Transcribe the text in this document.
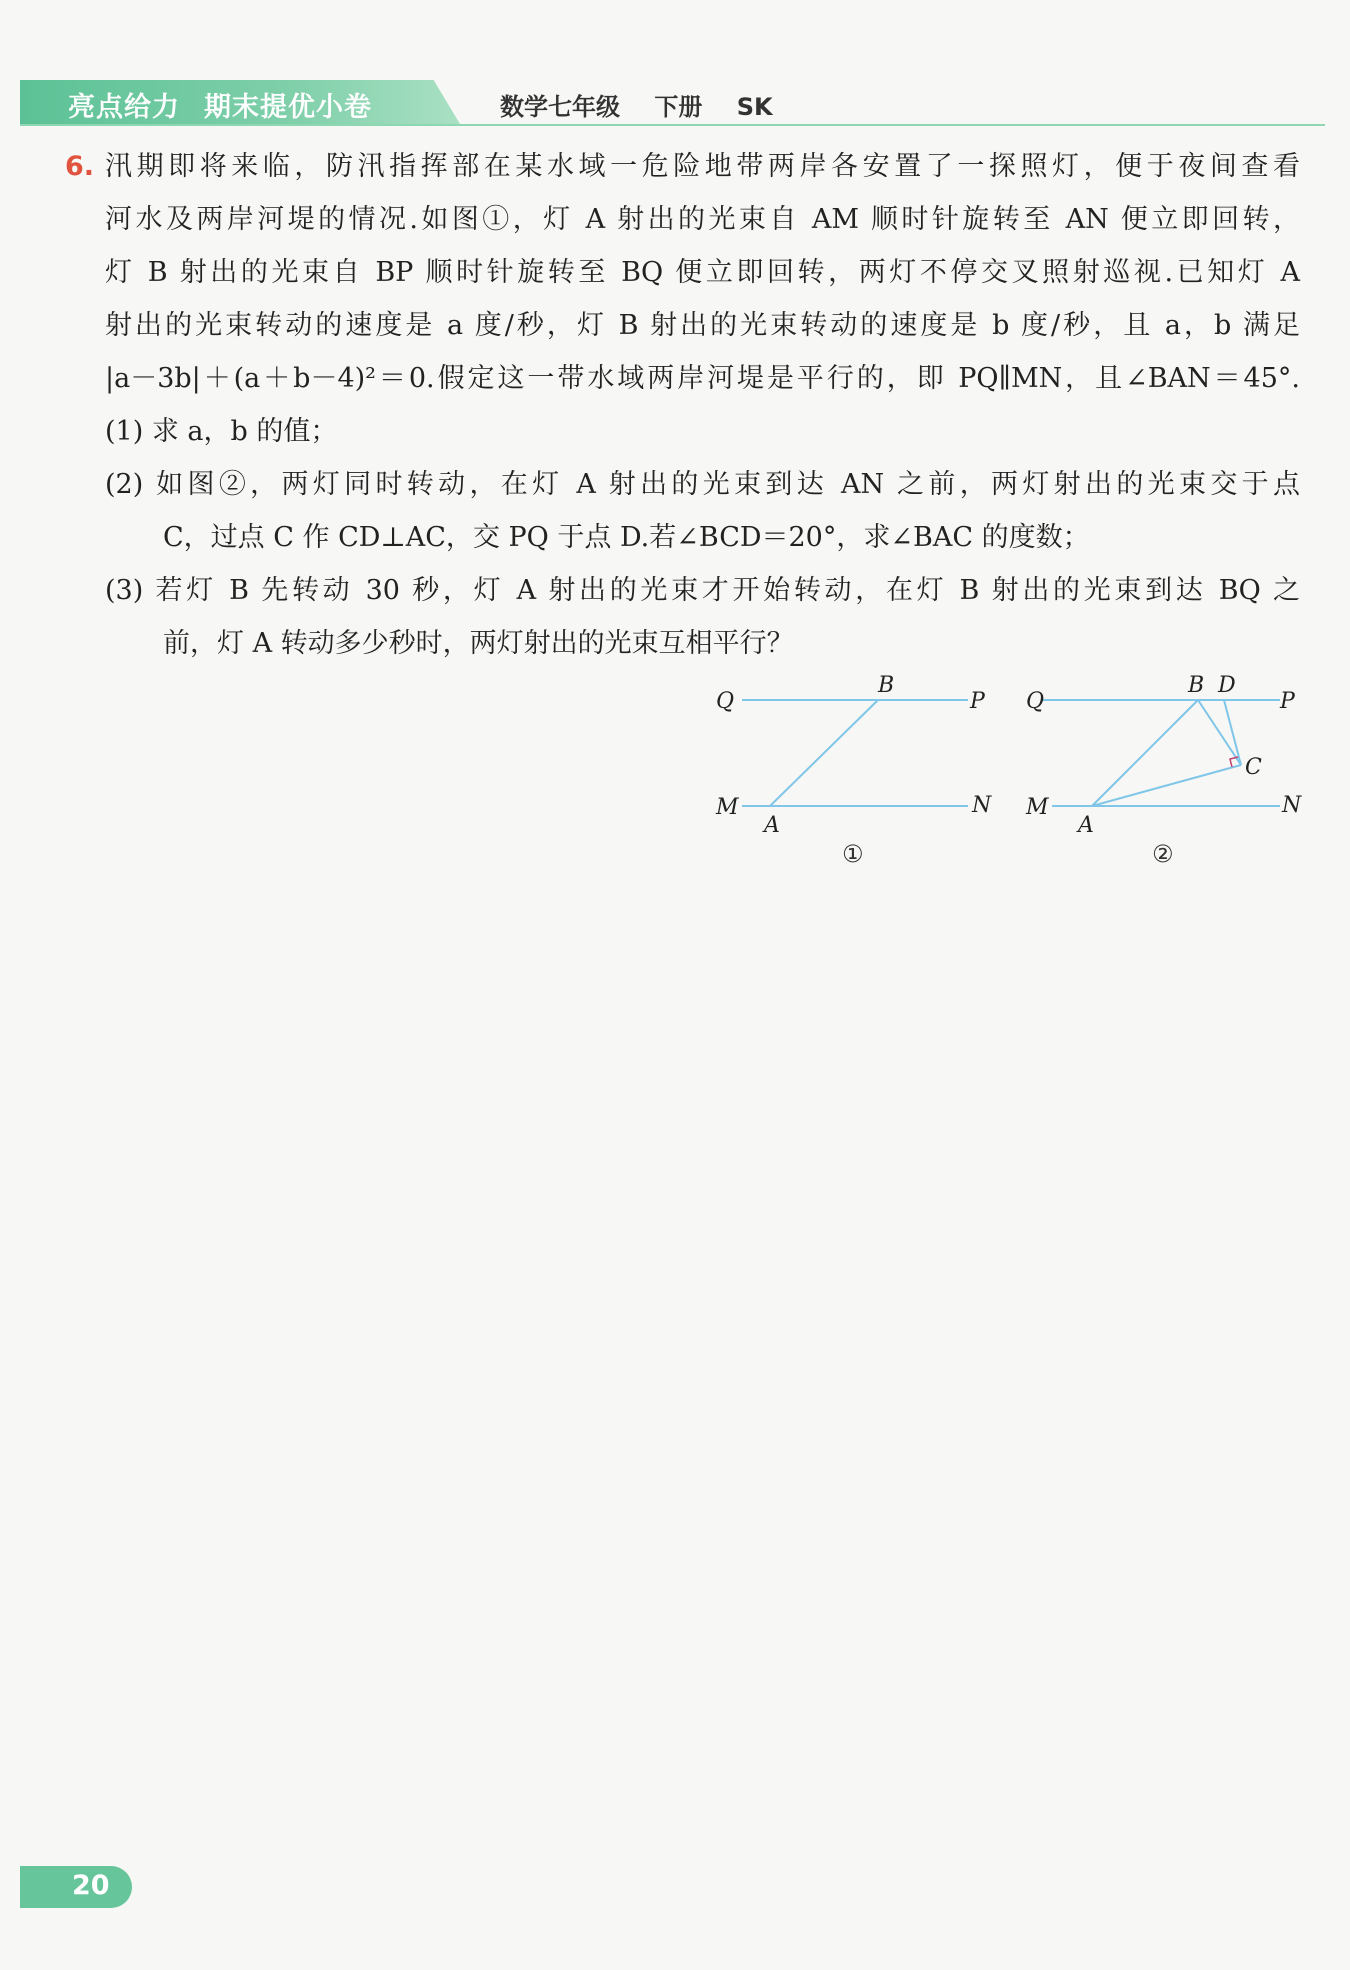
亮点给力 期末提优小卷	数学七年级 下册 SK
6. 汛期即将来临，防汛指挥部在某水域一危险地带两岸各安置了一探照灯，便于夜间查看
河水及两岸河堤的情况.如图①，灯 A 射出的光束自 AM 顺时针旋转至 AN 便立即回转，
灯 B 射出的光束自 BP 顺时针旋转至 BQ 便立即回转，两灯不停交叉照射巡视.已知灯 A
射出的光束转动的速度是 a 度/秒，灯 B 射出的光束转动的速度是 b 度/秒，且 a，b 满足
|a－3b|＋(a＋b－4)²＝0.假定这一带水域两岸河堤是平行的，即 PQ∥MN，且∠BAN＝45°.
(1) 求 a，b 的值；
(2) 如图②，两灯同时转动，在灯 A 射出的光束到达 AN 之前，两灯射出的光束交于点
C，过点 C 作 CD⊥AC，交 PQ 于点 D.若∠BCD＝20°，求∠BAC 的度数；
(3) 若灯 B 先转动 30 秒，灯 A 射出的光束才开始转动，在灯 B 射出的光束到达 BQ 之
前，灯 A 转动多少秒时，两灯射出的光束互相平行？
Q
B
P
M
A
N
①
Q
B D
P
C
M
A
N
②
20
